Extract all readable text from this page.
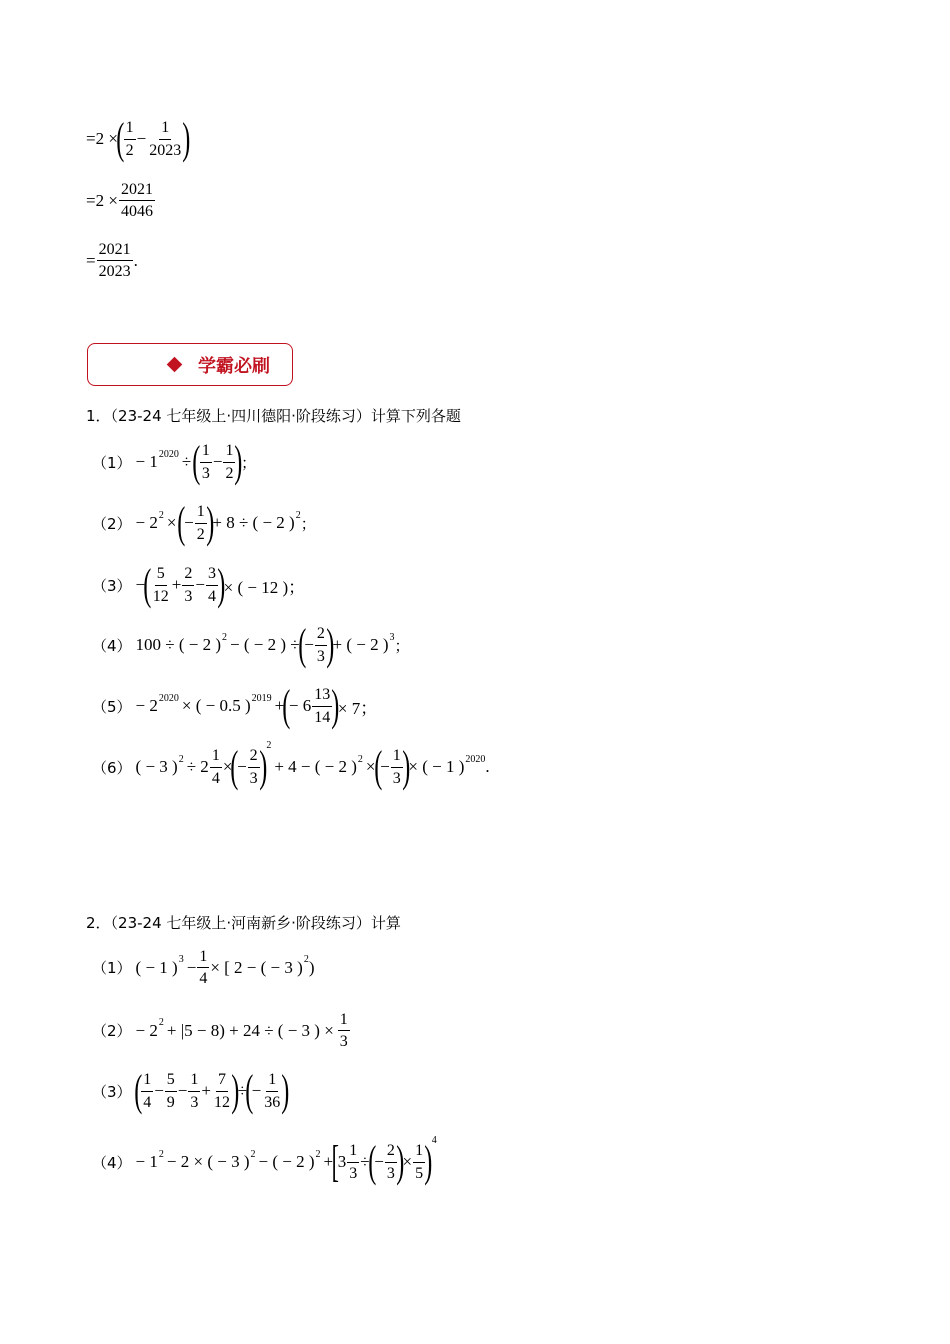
=2 ×
( $\frac{1}{2} - \frac{1}{2023}$ )
$=2 \times \frac{2021}{4046}$
= $\frac{2021}{2023}$ .
学霸必刷
1．（23-24 七年级上·四川德阳·阶段练习）计算下列各题
（1） − 1 2020 ÷ ( $\frac{1}{3} - \frac{1}{2}$ )
；
（2） − 2 2 × (
− $\frac{1}{2}$ )
+ 8 ÷ ( − 2 ) 2 ；
（3） −
( $\frac{5}{12} + \frac{2}{3} - \frac{3}{4}$ )
× ( − 12 )；
（4） 100 ÷ ( − 2 ) 2 − ( − 2 ) ÷
(
− $\frac{2}{3}$ )
+ ( − 2 ) 3 ；
（5） − 2 2020 × ( − 0.5 ) 2019 +
(
− $6 \frac{13}{14}$ )
× 7；
（6） ( − 3 ) $2 \div 2 \frac{1}{4}$ ×
(
− $\frac{2}{3}$ ) 2
+ 4 − ( − 2 ) 2 ×
(
− $\frac{1}{3}$ )
× ( − 1 ) 2020 .
2．（23-24 七年级上·河南新乡·阶段练习）计算
（1） ( − 1 ) $3 - \frac{1}{4}$ × [ 2 − ( − 3 ) 2 )
（2） − 2 2 + |5 − 8) + 24 ÷ ( − 3 ) × $\frac{1}{3}$
（3） ( $\frac{1}{4} - \frac{5}{9} - \frac{1}{3} + \frac{7}{12}$ )
÷
(
− $\frac{1}{36}$ )
（4） − 1 2 − 2 × ( − 3 ) 2 − ( − 2 ) 2 +
[
$3 \frac{1}{3}$ ÷
(
− $\frac{2}{3}$ )
× $\frac{1}{5}$ ) 4
